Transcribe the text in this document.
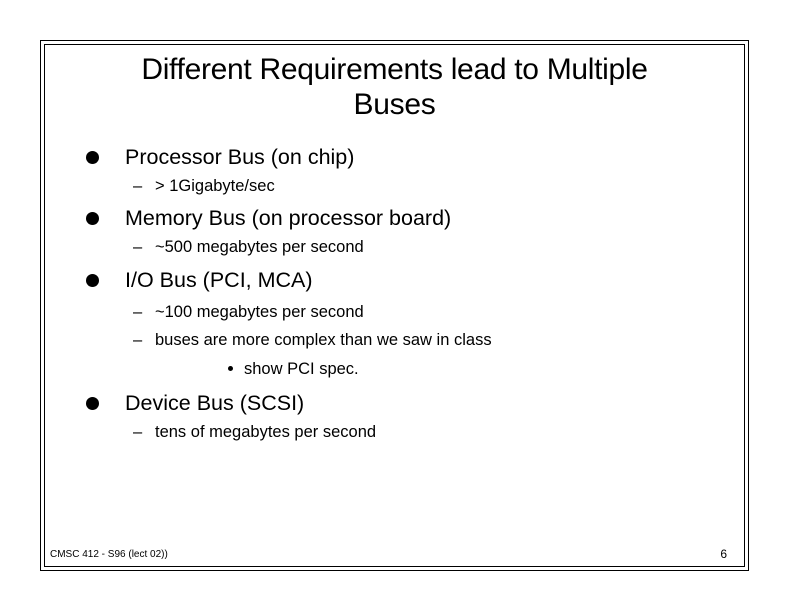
Different Requirements lead to Multiple
Buses
Processor Bus (on chip)
– > 1Gigabyte/sec
Memory Bus (on processor board)
– ~500 megabytes per second
I/O Bus (PCI, MCA)
– ~100 megabytes per second
– buses are more complex than we saw in class
show PCI spec.
Device Bus (SCSI)
– tens of megabytes per second
CMSC 412 - S96 (lect 02))	6
